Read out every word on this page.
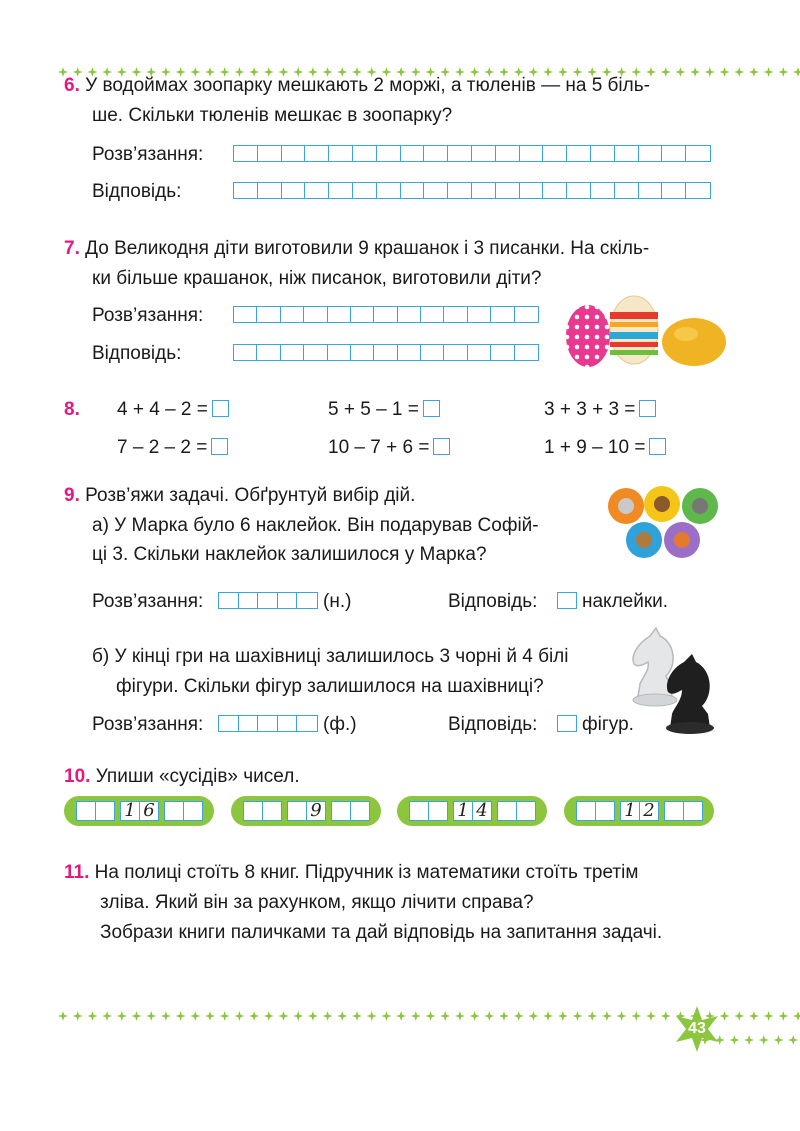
6. У водоймах зоопарку мешкають 2 моржі, а тюленів — на 5 біль-
ше. Скільки тюленів мешкає в зоопарку?
Розв’язання:
Відповідь:
7. До Великодня діти виготовили 9 крашанок і 3 писанки. На скіль-
ки більше крашанок, ніж писанок, виготовили діти?
Розв’язання:
Відповідь:
8. 4 + 4 – 2 =	5 + 5 – 1 =	3 + 3 + 3 =
7 – 2 – 2 =	10 – 7 + 6 =	1 + 9 – 10 =
9. Розв’яжи задачі. Обґрунтуй вибір дій.
а) У Марка було 6 наклейок. Він подарував Софій-
ці 3. Скільки наклейок залишилося у Марка?
Розв’язання:	(н.)	Відповідь: наклейки.
б) У кінці гри на шахівниці залишилось 3 чорні й 4 білі
фігури. Скільки фігур залишилося на шахівниці?
Розв’язання:	(ф.)	Відповідь: фігур.
10. Упиши «сусідів» чисел.
1 6	9	1 4	1 2
11. На полиці стоїть 8 книг. Підручник із математики стоїть третім
зліва. Який він за рахунком, якщо лічити справа?
Зобрази книги паличками та дай відповідь на запитання задачі.
43
